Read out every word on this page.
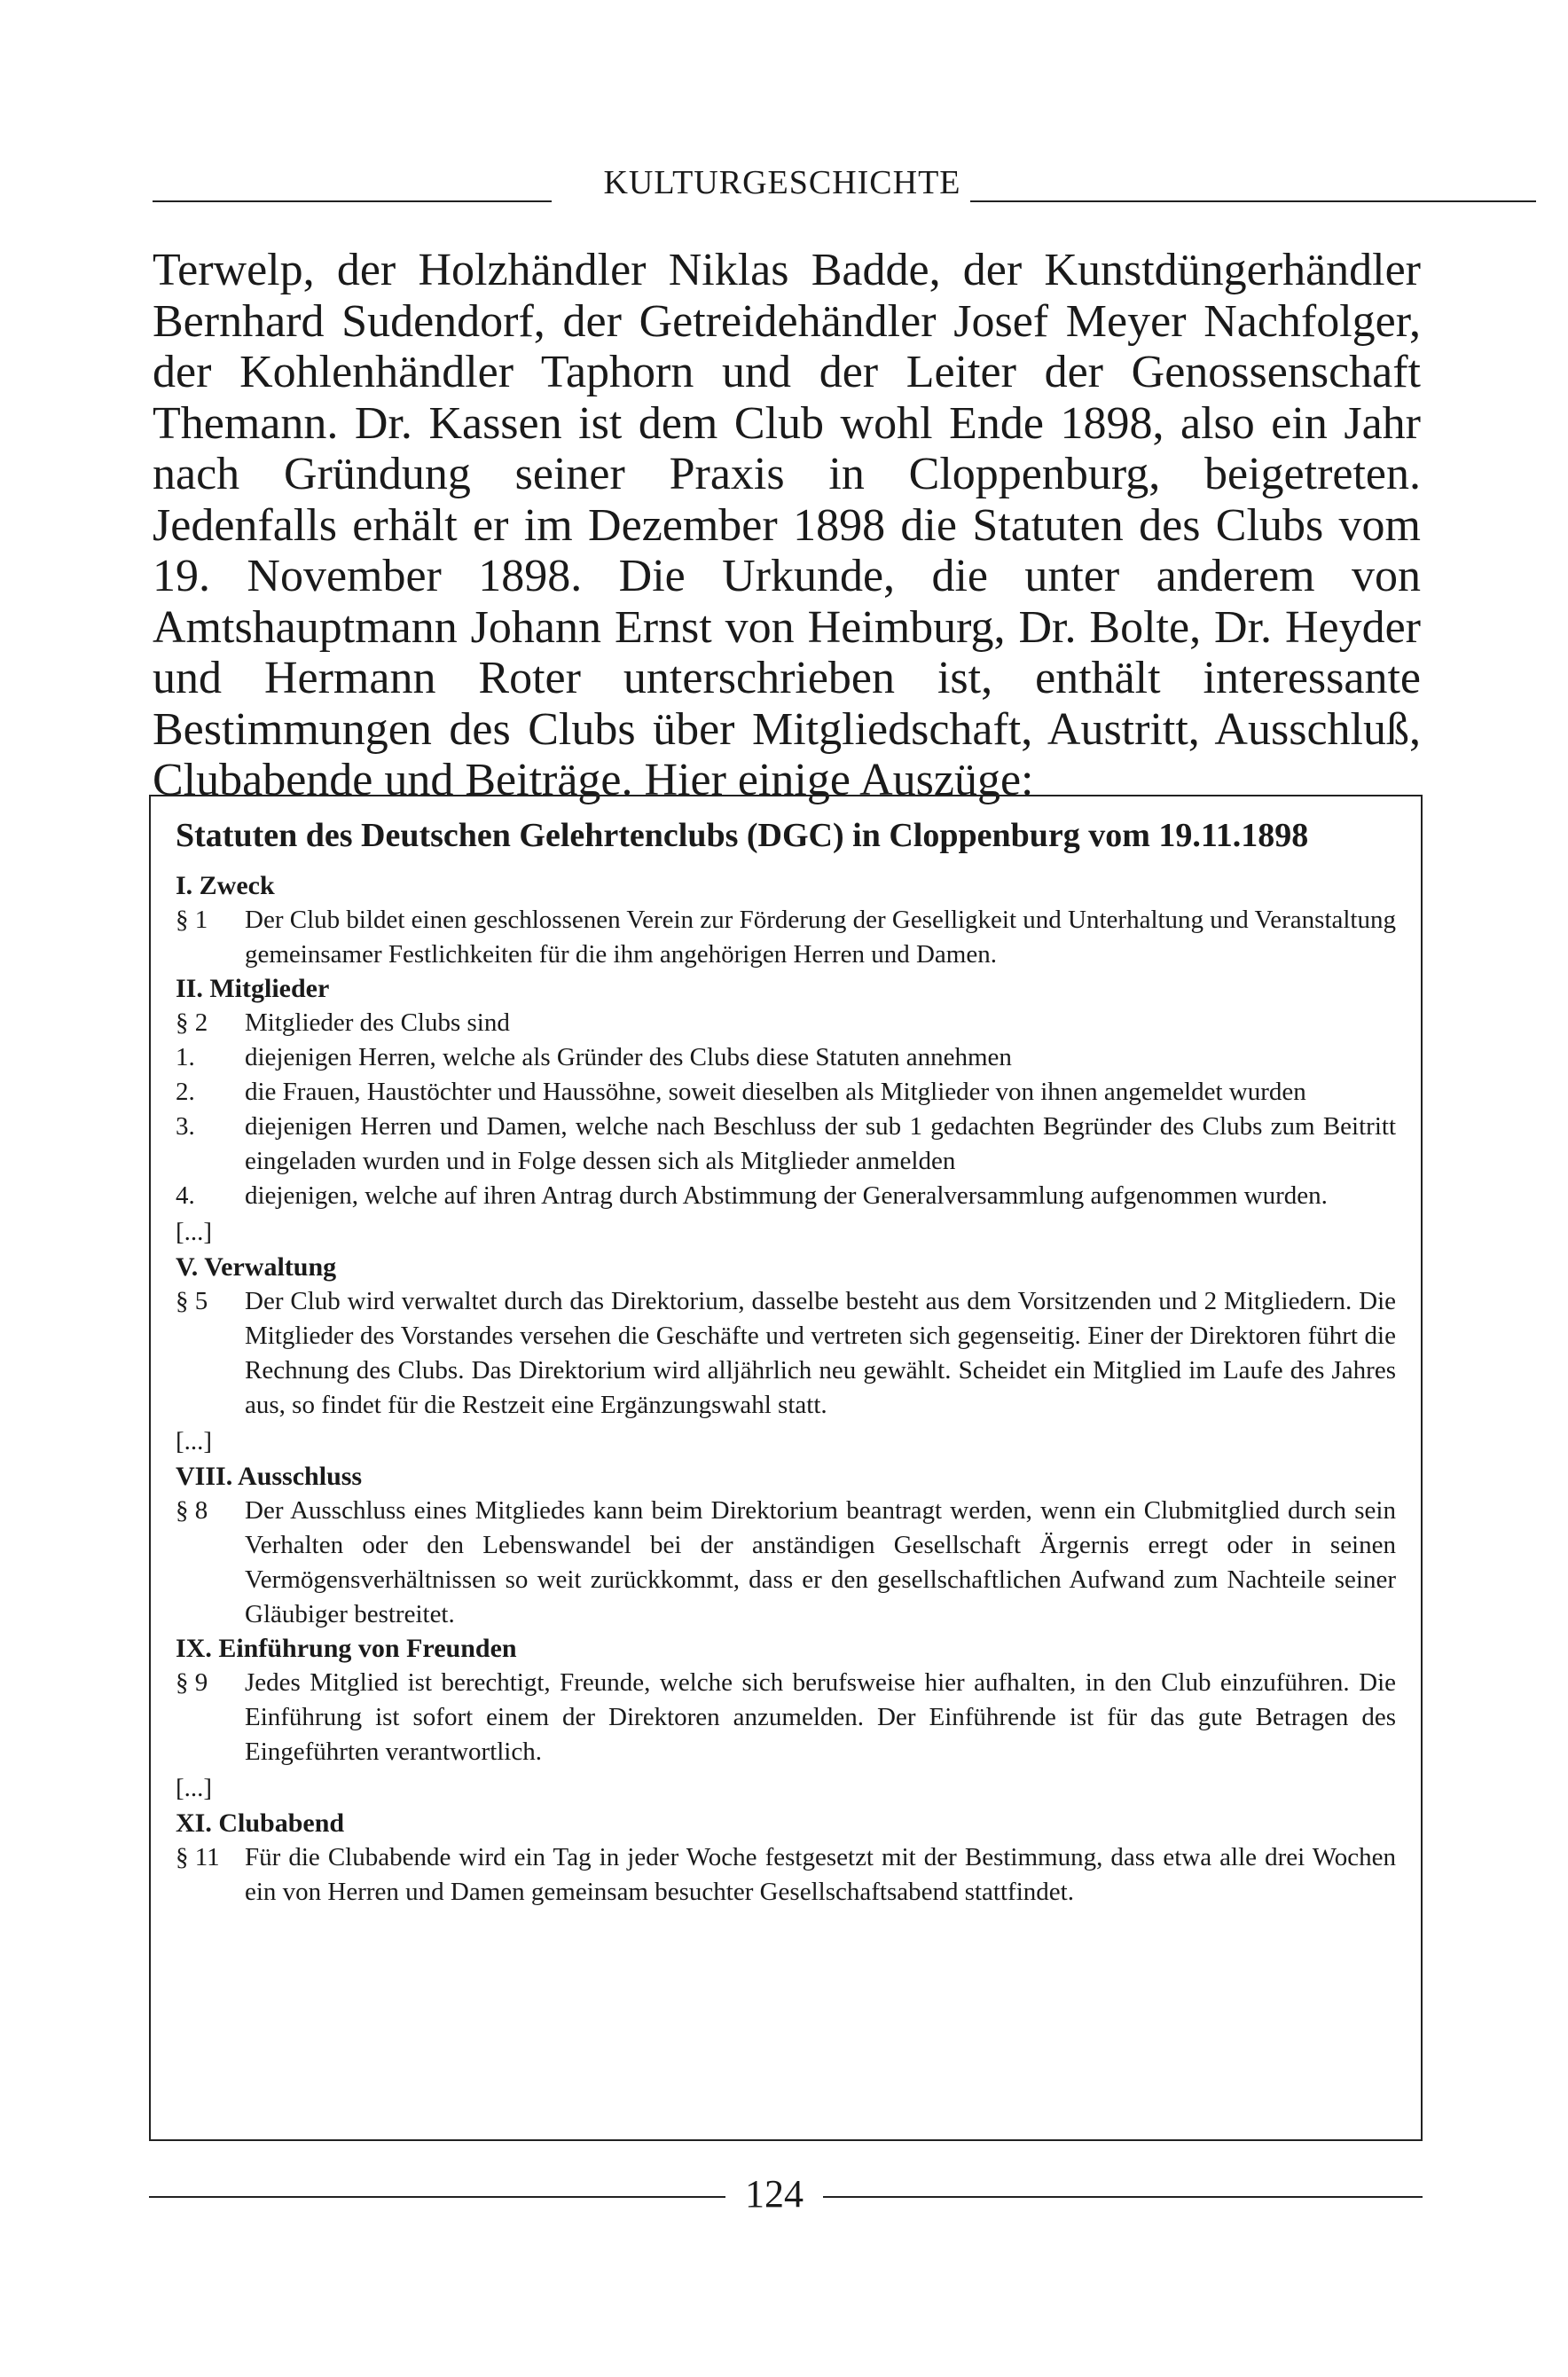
KULTURGESCHICHTE
Terwelp, der Holzhändler Niklas Badde, der Kunstdüngerhändler Bernhard Sudendorf, der Getreidehändler Josef Meyer Nachfolger, der Kohlenhändler Taphorn und der Leiter der Genossenschaft Themann. Dr. Kassen ist dem Club wohl Ende 1898, also ein Jahr nach Gründung seiner Praxis in Cloppenburg, beigetreten. Jedenfalls erhält er im Dezember 1898 die Statuten des Clubs vom 19. November 1898. Die Urkunde, die unter anderem von Amtshauptmann Johann Ernst von Heimburg, Dr. Bolte, Dr. Heyder und Hermann Roter unterschrieben ist, enthält interessante Bestimmungen des Clubs über Mitgliedschaft, Austritt, Ausschluß, Clubabende und Beiträge. Hier einige Auszüge:
Statuten des Deutschen Gelehrtenclubs (DGC) in Cloppenburg vom 19.11.1898
I. Zweck
§ 1	Der Club bildet einen geschlossenen Verein zur Förderung der Geselligkeit und Unterhaltung und Veranstaltung gemeinsamer Festlichkeiten für die ihm angehörigen Herren und Damen.
II. Mitglieder
§ 2	Mitglieder des Clubs sind
1.	diejenigen Herren, welche als Gründer des Clubs diese Statuten annehmen
2.	die Frauen, Haustöchter und Haussöhne, soweit dieselben als Mitglieder von ihnen angemeldet wurden
3.	diejenigen Herren und Damen, welche nach Beschluss der sub 1 gedachten Begründer des Clubs zum Beitritt eingeladen wurden und in Folge dessen sich als Mitglieder anmelden
4.	diejenigen, welche auf ihren Antrag durch Abstimmung der Generalversammlung aufgenommen wurden.
[...]
V. Verwaltung
§ 5	Der Club wird verwaltet durch das Direktorium, dasselbe besteht aus dem Vorsitzenden und 2 Mitgliedern. Die Mitglieder des Vorstandes versehen die Geschäfte und vertreten sich gegenseitig. Einer der Direktoren führt die Rechnung des Clubs. Das Direktorium wird alljährlich neu gewählt. Scheidet ein Mitglied im Laufe des Jahres aus, so findet für die Restzeit eine Ergänzungswahl statt.
[...]
VIII. Ausschluss
§ 8	Der Ausschluss eines Mitgliedes kann beim Direktorium beantragt werden, wenn ein Clubmitglied durch sein Verhalten oder den Lebenswandel bei der anständigen Gesellschaft Ärgernis erregt oder in seinen Vermögensverhältnissen so weit zurückkommt, dass er den gesellschaftlichen Aufwand zum Nachteile seiner Gläubiger bestreitet.
IX. Einführung von Freunden
§ 9	Jedes Mitglied ist berechtigt, Freunde, welche sich berufsweise hier aufhalten, in den Club einzuführen. Die Einführung ist sofort einem der Direktoren anzumelden. Der Einführende ist für das gute Betragen des Eingeführten verantwortlich.
[...]
XI. Clubabend
§ 11 Für die Clubabende wird ein Tag in jeder Woche festgesetzt mit der Bestimmung, dass etwa alle drei Wochen ein von Herren und Damen gemeinsam besuchter Gesellschaftsabend stattfindet.
124
